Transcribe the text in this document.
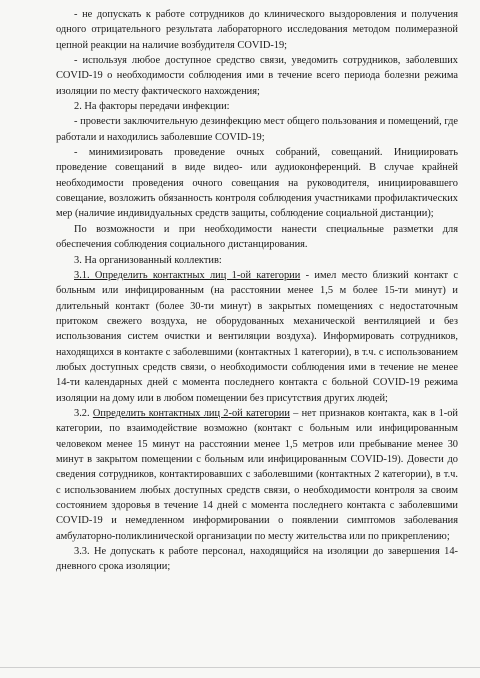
- не допускать к работе сотрудников до клинического выздоровления и получения одного отрицательного результата лабораторного исследования методом полимеразной цепной реакции на наличие возбудителя COVID-19;

- используя любое доступное средство связи, уведомить сотрудников, заболевших COVID-19 о необходимости соблюдения ими в течение всего периода болезни режима изоляции по месту фактического нахождения;

2. На факторы передачи инфекции:

- провести заключительную дезинфекцию мест общего пользования и помещений, где работали и находились заболевшие COVID-19;

- минимизировать проведение очных собраний, совещаний. Инициировать проведение совещаний в виде видео- или аудиоконференций. В случае крайней необходимости проведения очного совещания на руководителя, инициировавшего совещание, возложить обязанность контроля соблюдения участниками профилактических мер (наличие индивидуальных средств защиты, соблюдение социальной дистанции);

По возможности и при необходимости нанести специальные разметки для обеспечения соблюдения социального дистанцирования.

3. На организованный коллектив:

3.1. Определить контактных лиц 1-ой категории - имел место близкий контакт с больным или инфицированным (на расстоянии менее 1,5 м более 15-ти минут) и длительный контакт (более 30-ти минут) в закрытых помещениях с недостаточным притоком свежего воздуха, не оборудованных механической вентиляцией и без использования систем очистки и вентиляции воздуха). Информировать сотрудников, находящихся в контакте с заболевшими (контактных 1 категории), в т.ч. с использованием любых доступных средств связи, о необходимости соблюдения ими в течение не менее 14-ти календарных дней с момента последнего контакта с больной COVID-19 режима изоляции на дому или в любом помещении без присутствия других людей;

3.2. Определить контактных лиц 2-ой категории – нет признаков контакта, как в 1-ой категории, по взаимодействие возможно (контакт с больным или инфицированным человеком менее 15 минут на расстоянии менее 1,5 метров или пребывание менее 30 минут в закрытом помещении с больным или инфицированным COVID-19). Довести до сведения сотрудников, контактировавших с заболевшими (контактных 2 категории), в т.ч. с использованием любых доступных средств связи, о необходимости контроля за своим состоянием здоровья в течение 14 дней с момента последнего контакта с заболевшими COVID-19 и немедленном информировании о появлении симптомов заболевания амбулаторно-поликлинической организации по месту жительства или по прикреплению;

3.3. Не допускать к работе персонал, находящийся на изоляции до завершения 14-дневного срока изоляции;
